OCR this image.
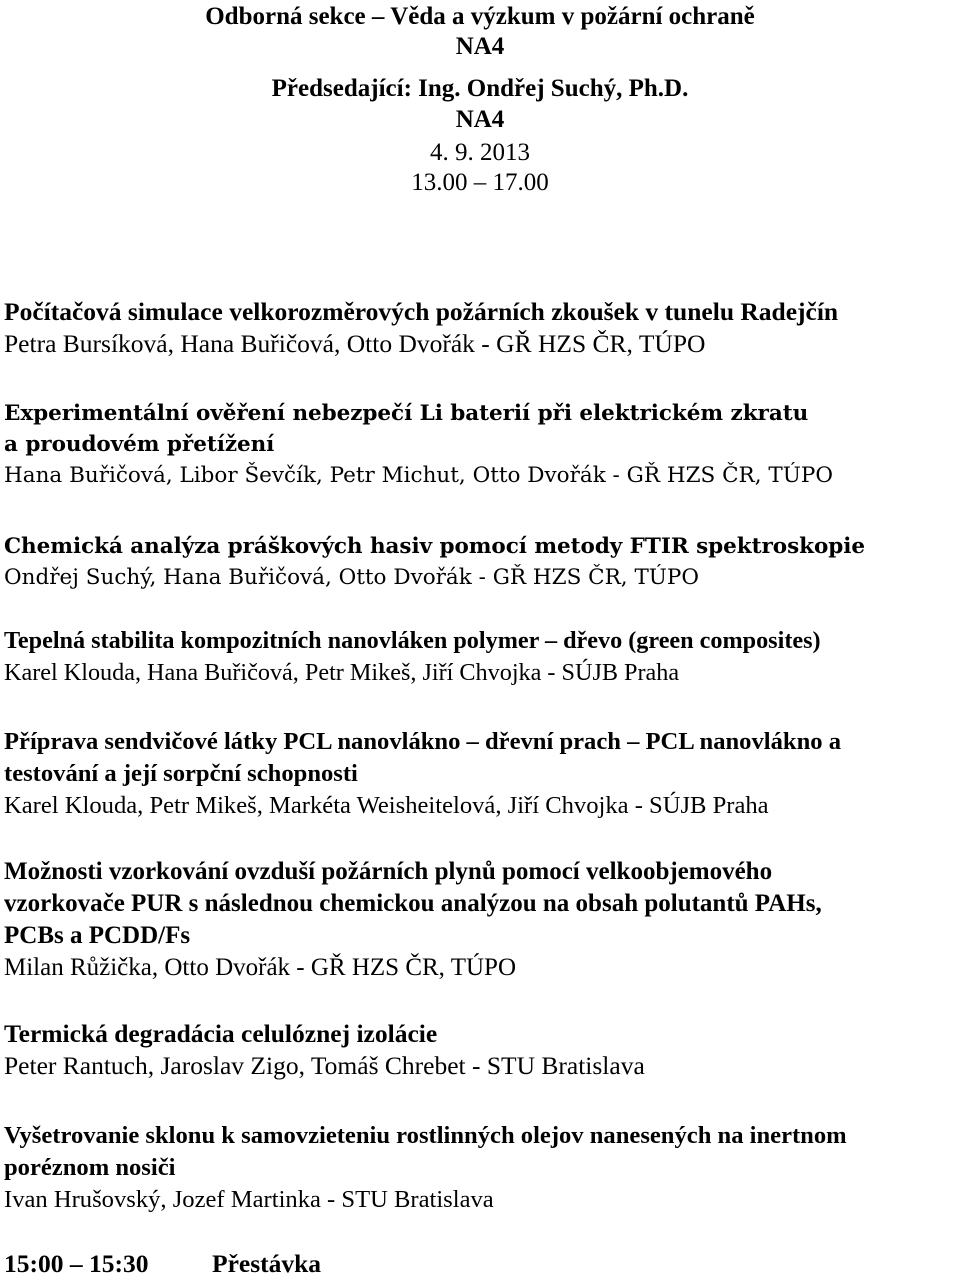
Odborná sekce – Věda a výzkum v požární ochraně
NA4
Předsedající: Ing. Ondřej Suchý, Ph.D.
NA4
4. 9. 2013
13.00 – 17.00
Počítačová simulace velkorozměrových požárních zkoušek v tunelu Radejčín
Petra Bursíková, Hana Buřičová, Otto Dvořák - GŘ HZS ČR, TÚPO
Experimentální ověření nebezpečí Li baterií při elektrickém zkratu
a proudovém přetížení
Hana Buřičová, Libor Ševčík, Petr Michut, Otto Dvořák - GŘ HZS ČR, TÚPO
Chemická analýza práškových hasiv pomocí metody FTIR spektroskopie
Ondřej Suchý, Hana Buřičová, Otto Dvořák - GŘ HZS ČR, TÚPO
Tepelná stabilita kompozitních nanovláken polymer – dřevo (green composites)
Karel Klouda, Hana Buřičová, Petr Mikeš, Jiří Chvojka - SÚJB Praha
Příprava sendvičové látky PCL nanovlákno – dřevní prach – PCL nanovlákno a
testování a její sorpční schopnosti
Karel Klouda, Petr Mikeš, Markéta Weisheitelová, Jiří Chvojka - SÚJB Praha
Možnosti vzorkování ovzduší požárních plynů pomocí velkoobjemového
vzorkovače PUR s následnou chemickou analýzou na obsah polutantů PAHs,
PCBs a PCDD/Fs
Milan Růžička, Otto Dvořák - GŘ HZS ČR, TÚPO
Termická degradácia celulóznej izolácie
Peter Rantuch, Jaroslav Zigo, Tomáš Chrebet - STU Bratislava
Vyšetrovanie sklonu k samovzieteniu rostlinných olejov nanesených na inertnom
poréznom nosiči
Ivan Hrušovský, Jozef Martinka - STU Bratislava
15:00 – 15:30 Přestávka
